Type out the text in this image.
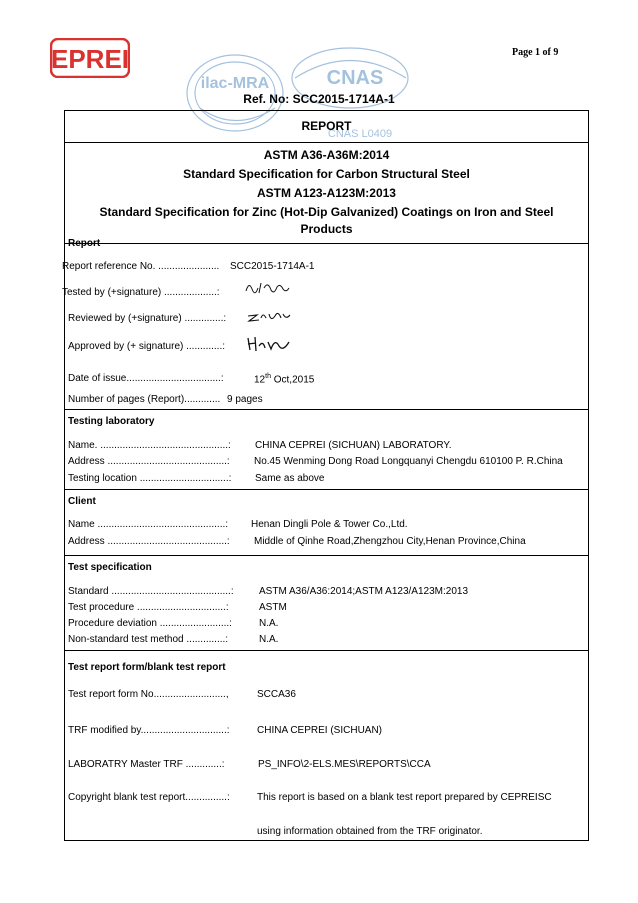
EPREI	Page 1 of 9
ilac-MRA	CNAS
CNAS L0409
Ref. No: SCC2015-1714A-1
REPORT
ASTM A36-A36M:2014
Standard Specification for Carbon Structural Steel
ASTM A123-A123M:2013
Standard Specification for Zinc (Hot-Dip Galvanized) Coatings on Iron and Steel
Products
Report
Report reference No. ...................... SCC2015-1714A-1
Tested by (+signature) ...................:
Reviewed by (+signature) ..............:
Approved by (+ signature) .............:
Date of issue..................................:	12th Oct,2015
Number of pages (Report)............. 9 pages
Testing laboratory
Name. ..............................................: CHINA CEPREI (SICHUAN) LABORATORY.
Address ...........................................: No.45 Wenming Dong Road Longquanyi Chengdu 610100 P. R.China
Testing location ................................: Same as above
Client
Name ..............................................: Henan Dingli Pole & Tower Co.,Ltd.
Address ...........................................: Middle of Qinhe Road,Zhengzhou City,Henan Province,China
Test specification
Standard ...........................................:	ASTM A36/A36:2014;ASTM A123/A123M:2013
Test procedure ................................:	ASTM
Procedure deviation .........................:	N.A.
Non-standard test method ..............:	N.A.
Test report form/blank test report
Test report form No..........................,	SCCA36
TRF modified by...............................:	CHINA CEPREI (SICHUAN)
LABORATRY Master TRF .............:	PS_INFO\2-ELS.MES\REPORTS\CCA
Copyright blank test report...............:	This report is based on a blank test report prepared by CEPREISC
using information obtained from the TRF originator.
